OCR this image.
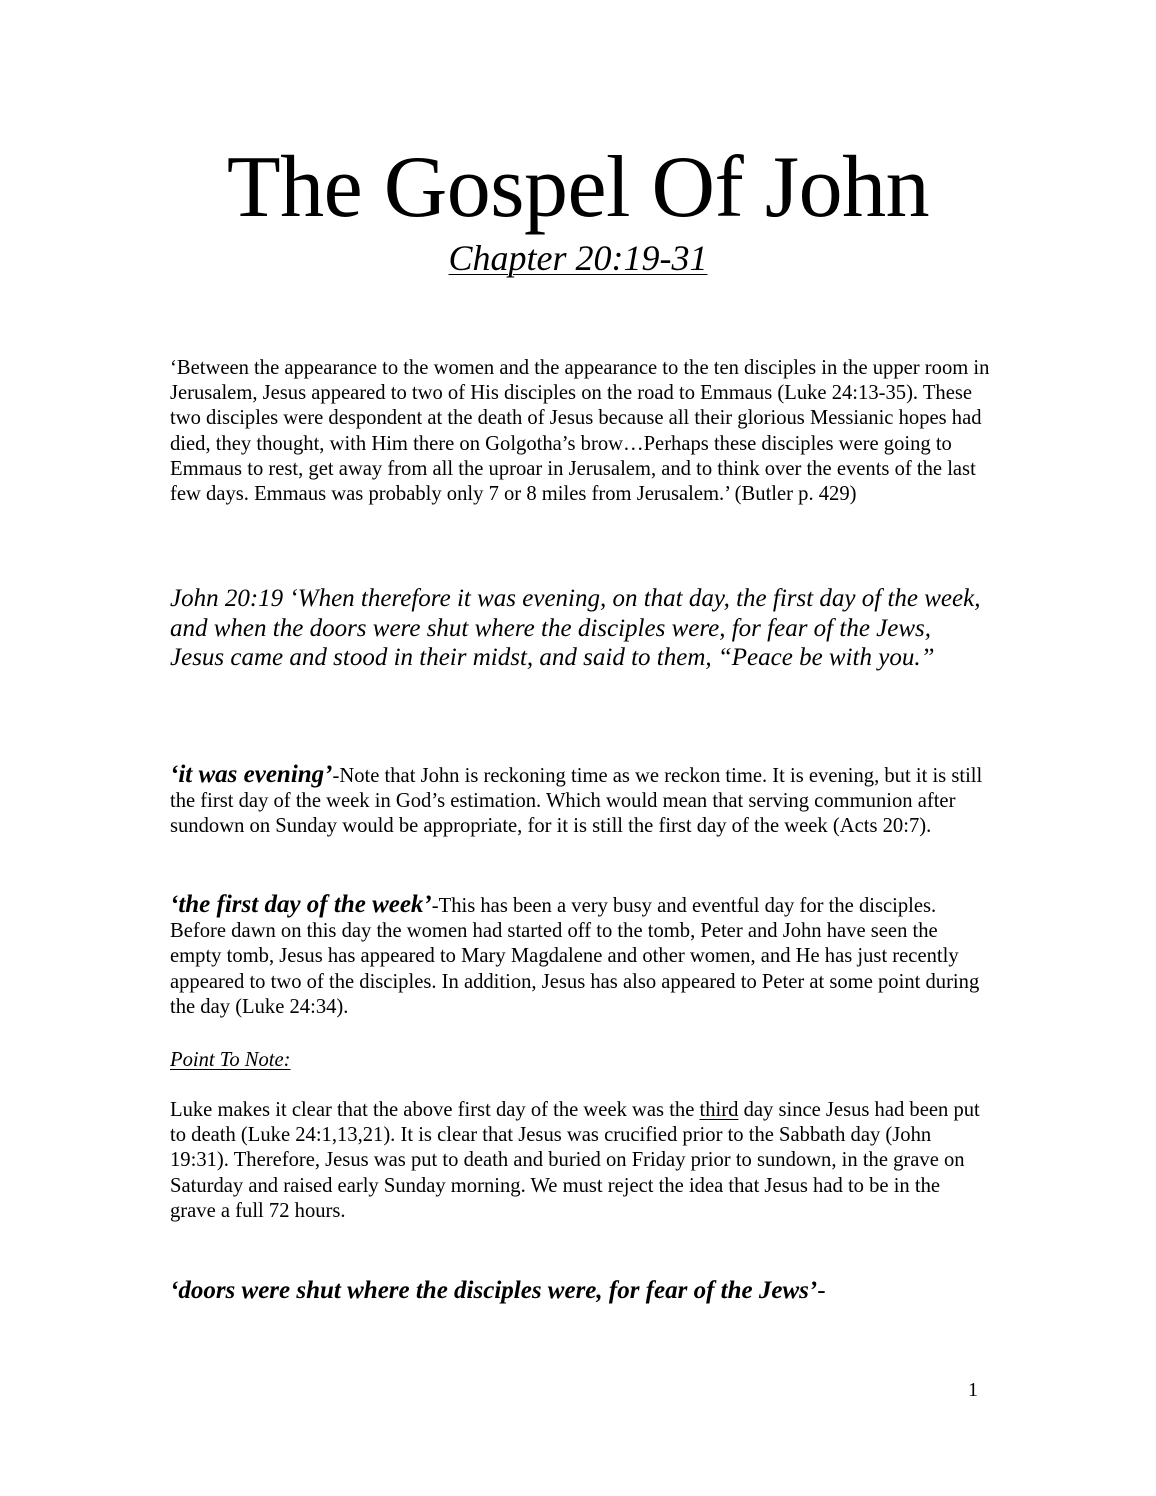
The Gospel Of John
Chapter 20:19-31

‘Between the appearance to the women and the appearance to the ten disciples in the upper room in Jerusalem, Jesus appeared to two of His disciples on the road to Emmaus (Luke 24:13-35). These two disciples were despondent at the death of Jesus because all their glorious Messianic hopes had died, they thought, with Him there on Golgotha’s brow…Perhaps these disciples were going to Emmaus to rest, get away from all the uproar in Jerusalem, and to think over the events of the last few days. Emmaus was probably only 7 or 8 miles from Jerusalem.’ (Butler p. 429)

John 20:19 ‘When therefore it was evening, on that day, the first day of the week, and when the doors were shut where the disciples were, for fear of the Jews, Jesus came and stood in their midst, and said to them, “Peace be with you.”

‘it was evening’-Note that John is reckoning time as we reckon time. It is evening, but it is still the first day of the week in God’s estimation. Which would mean that serving communion after sundown on Sunday would be appropriate, for it is still the first day of the week (Acts 20:7).

‘the first day of the week’-This has been a very busy and eventful day for the disciples. Before dawn on this day the women had started off to the tomb, Peter and John have seen the empty tomb, Jesus has appeared to Mary Magdalene and other women, and He has just recently appeared to two of the disciples. In addition, Jesus has also appeared to Peter at some point during the day (Luke 24:34).

Point To Note:

Luke makes it clear that the above first day of the week was the third day since Jesus had been put to death (Luke 24:1,13,21). It is clear that Jesus was crucified prior to the Sabbath day (John 19:31). Therefore, Jesus was put to death and buried on Friday prior to sundown, in the grave on Saturday and raised early Sunday morning. We must reject the idea that Jesus had to be in the grave a full 72 hours.

‘doors were shut where the disciples were, for fear of the Jews’-

1
